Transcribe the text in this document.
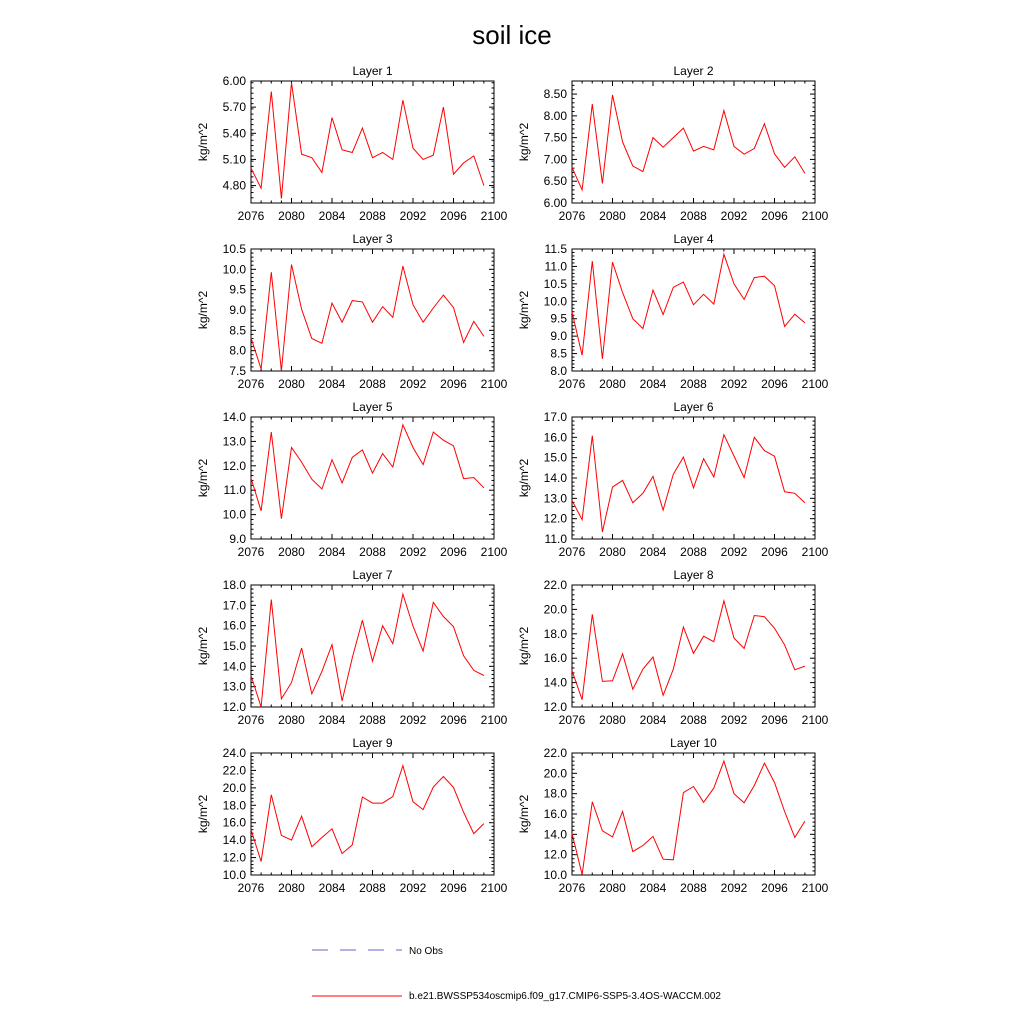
soil ice
Layer 1
2076 2080 2084 2088 2092 2096 2100
4.80
5.10
5.40
5.70
6.00
kg/m^2
Layer 2
2076 2080 2084 2088 2092 2096 2100
6.00
6.50
7.00
7.50
8.00
8.50
kg/m^2
Layer 3
2076 2080 2084 2088 2092 2096 2100
7.5
8.0
8.5
9.0
9.5
10.0
10.5
kg/m^2
Layer 4
2076 2080 2084 2088 2092 2096 2100
8.0
8.5
9.0
9.5
10.0
10.5
11.0
11.5
kg/m^2
Layer 5
2076 2080 2084 2088 2092 2096 2100
9.0
10.0
11.0
12.0
13.0
14.0
kg/m^2
Layer 6
2076 2080 2084 2088 2092 2096 2100
11.0
12.0
13.0
14.0
15.0
16.0
17.0
kg/m^2
Layer 7
2076 2080 2084 2088 2092 2096 2100
12.0
13.0
14.0
15.0
16.0
17.0
18.0
kg/m^2
Layer 8
2076 2080 2084 2088 2092 2096 2100
12.0
14.0
16.0
18.0
20.0
22.0
kg/m^2
Layer 9
2076 2080 2084 2088 2092 2096 2100
10.0
12.0
14.0
16.0
18.0
20.0
22.0
24.0
kg/m^2
Layer 10
2076 2080 2084 2088 2092 2096 2100
10.0
12.0
14.0
16.0
18.0
20.0
22.0
kg/m^2
No Obs
b.e21.BWSSP534oscmip6.f09_g17.CMIP6-SSP5-3.4OS-WACCM.002
